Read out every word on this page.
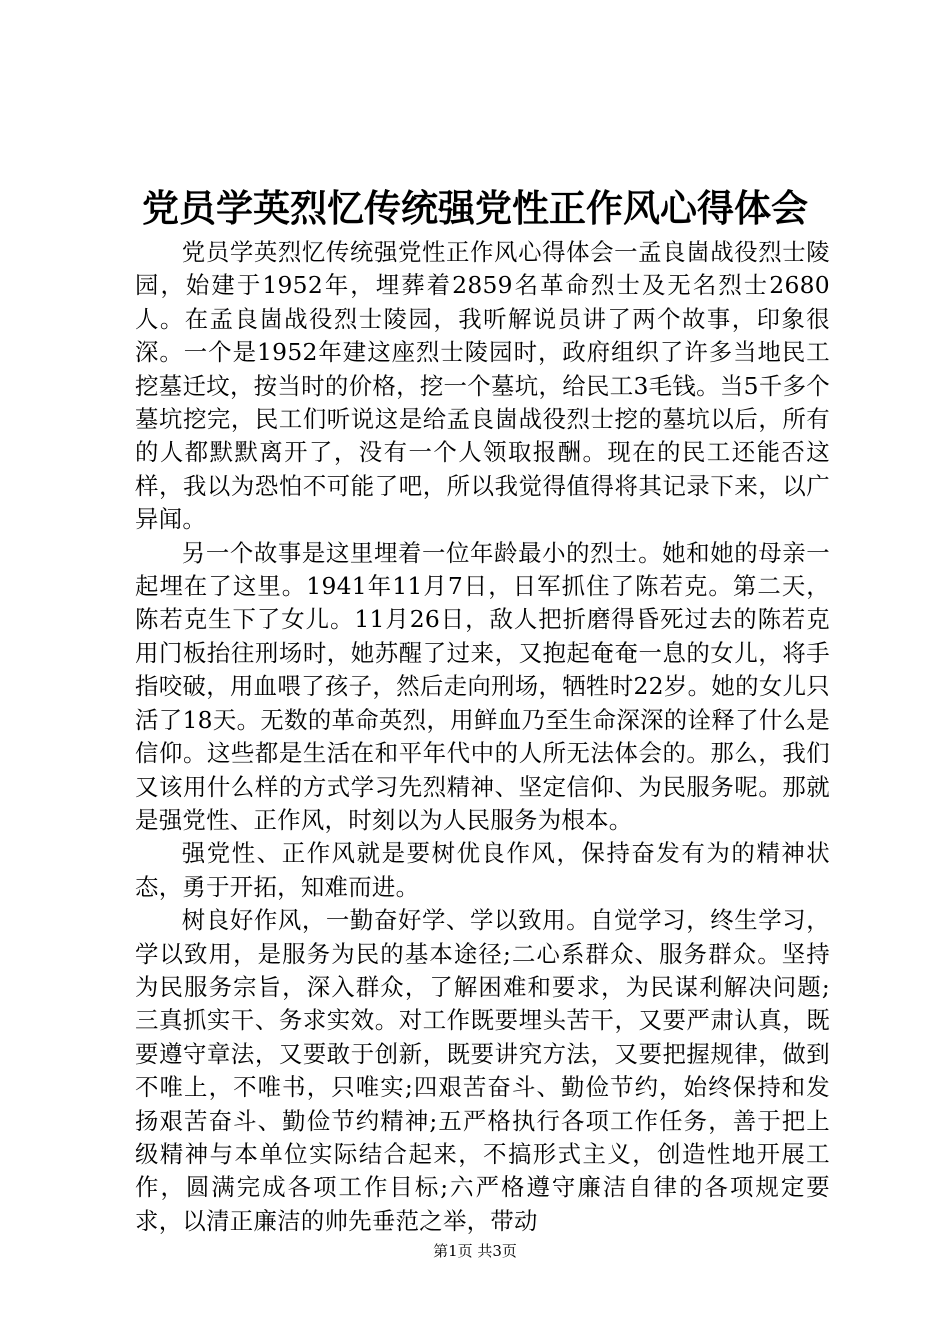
党员学英烈忆传统强党性正作风心得体会

党员学英烈忆传统强党性正作风心得体会一孟良崮战役烈士陵园，始建于1952年，埋葬着2859名革命烈士及无名烈士2680人。在孟良崮战役烈士陵园，我听解说员讲了两个故事，印象很深。一个是1952年建这座烈士陵园时，政府组织了许多当地民工挖墓迁坟，按当时的价格，挖一个墓坑，给民工3毛钱。当5千多个墓坑挖完，民工们听说这是给孟良崮战役烈士挖的墓坑以后，所有的人都默默离开了，没有一个人领取报酬。现在的民工还能否这样，我以为恐怕不可能了吧，所以我觉得值得将其记录下来，以广异闻。

另一个故事是这里埋着一位年龄最小的烈士。她和她的母亲一起埋在了这里。1941年11月7日，日军抓住了陈若克。第二天，陈若克生下了女儿。11月26日，敌人把折磨得昏死过去的陈若克用门板抬往刑场时，她苏醒了过来，又抱起奄奄一息的女儿，将手指咬破，用血喂了孩子，然后走向刑场，牺牲时22岁。她的女儿只活了18天。无数的革命英烈，用鲜血乃至生命深深的诠释了什么是信仰。这些都是生活在和平年代中的人所无法体会的。那么，我们又该用什么样的方式学习先烈精神、坚定信仰、为民服务呢。那就是强党性、正作风，时刻以为人民服务为根本。

强党性、正作风就是要树优良作风，保持奋发有为的精神状态，勇于开拓，知难而进。

树良好作风，一勤奋好学、学以致用。自觉学习，终生学习，学以致用，是服务为民的基本途径;二心系群众、服务群众。坚持为民服务宗旨，深入群众，了解困难和要求，为民谋利解决问题;三真抓实干、务求实效。对工作既要埋头苦干，又要严肃认真，既要遵守章法，又要敢于创新，既要讲究方法，又要把握规律，做到不唯上，不唯书，只唯实;四艰苦奋斗、勤俭节约，始终保持和发扬艰苦奋斗、勤俭节约精神;五严格执行各项工作任务，善于把上级精神与本单位实际结合起来，不搞形式主义，创造性地开展工作，圆满完成各项工作目标;六严格遵守廉洁自律的各项规定要求，以清正廉洁的帅先垂范之举，带动

第1页 共3页
